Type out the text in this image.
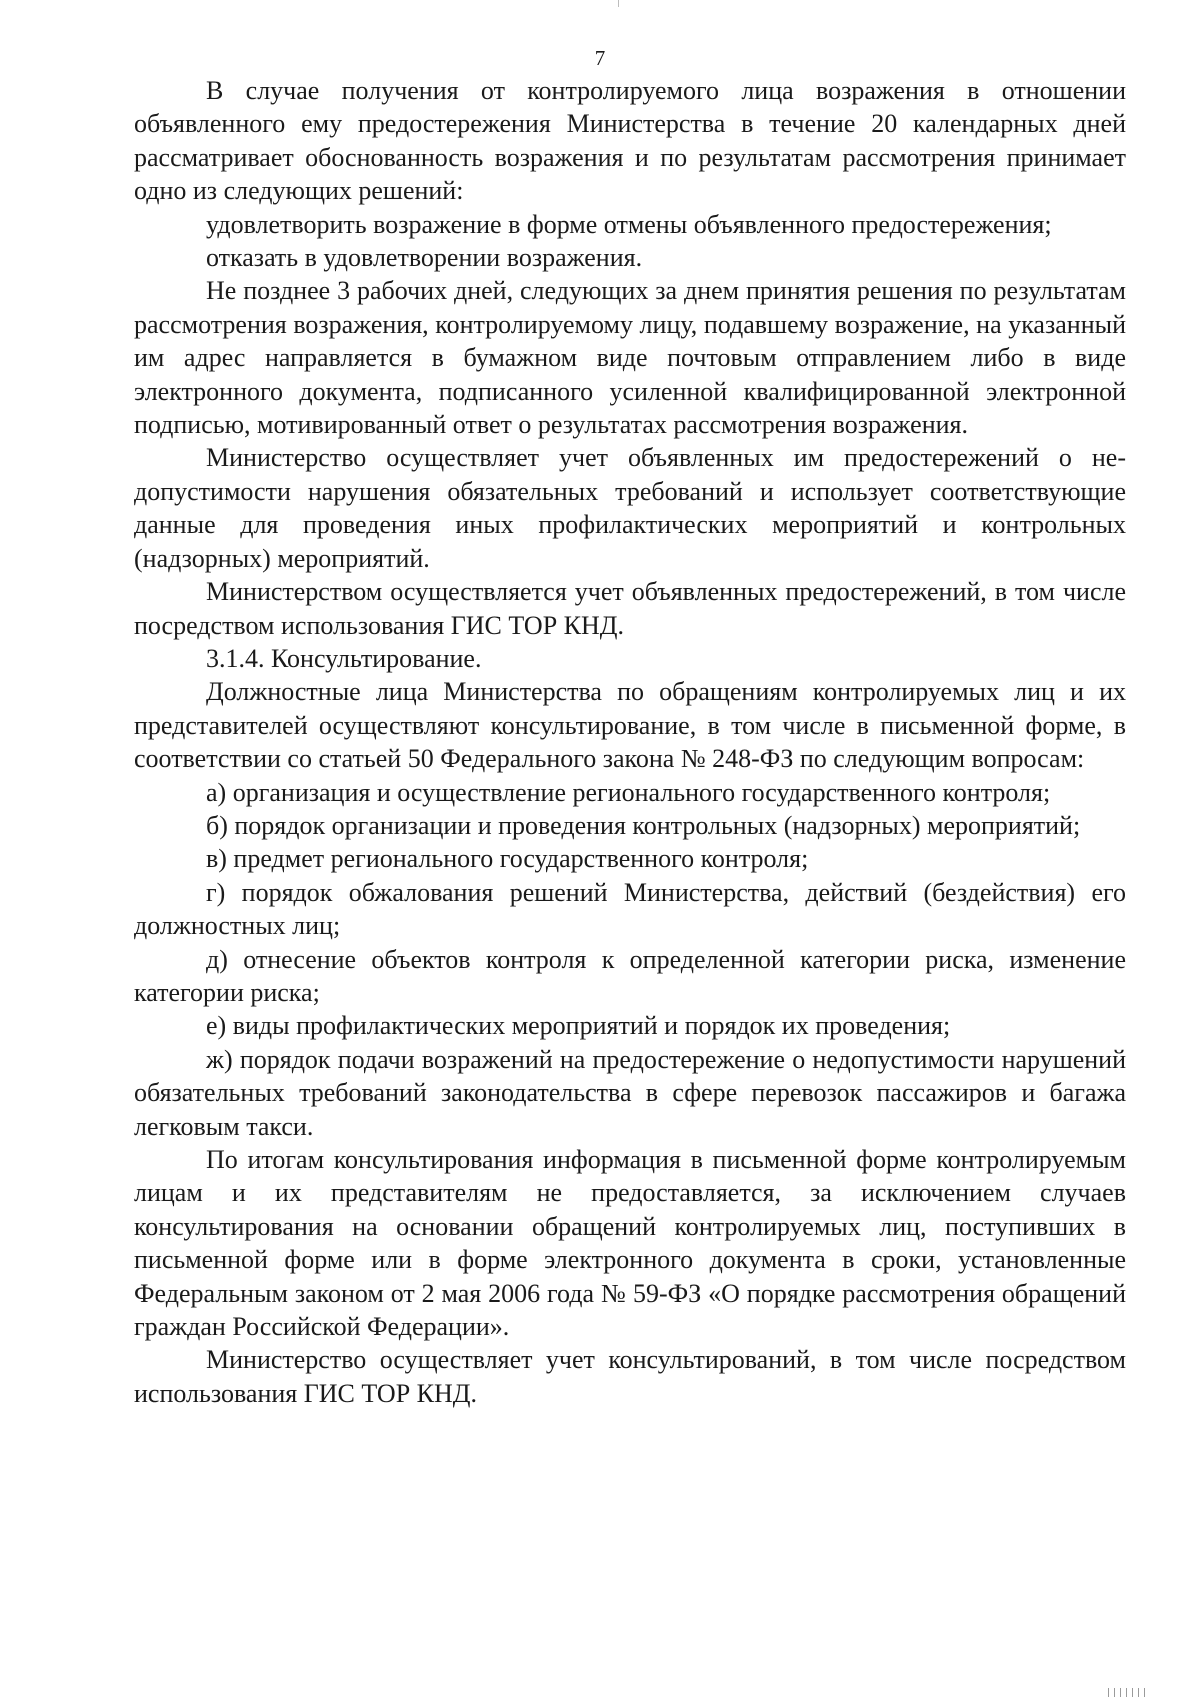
7

В случае получения от контролируемого лица возражения в отношении объявленного ему предостережения Министерства в течение 20 календарных дней рассматривает обоснованность возражения и по результатам рассмотрения принимает одно из следующих решений:

удовлетворить возражение в форме отмены объявленного предостережения;

отказать в удовлетворении возражения.

Не позднее 3 рабочих дней, следующих за днем принятия решения по результатам рассмотрения возражения, контролируемому лицу, подавшему возражение, на указанный им адрес направляется в бумажном виде почтовым отправлением либо в виде электронного документа, подписанного усиленной квалифицированной электронной подписью, мотивированный ответ о результатах рассмотрения возражения.

Министерство осуществляет учет объявленных им предостережений о недопустимости нарушения обязательных требований и использует соответствующие данные для проведения иных профилактических мероприятий и контрольных (надзорных) мероприятий.

Министерством осуществляется учет объявленных предостережений, в том числе посредством использования ГИС ТОР КНД.

3.1.4. Консультирование.

Должностные лица Министерства по обращениям контролируемых лиц и их представителей осуществляют консультирование, в том числе в письменной форме, в соответствии со статьей 50 Федерального закона № 248-ФЗ по следующим вопросам:

а) организация и осуществление регионального государственного контроля;

б) порядок организации и проведения контрольных (надзорных) мероприятий;

в) предмет регионального государственного контроля;

г) порядок обжалования решений Министерства, действий (бездействия) его должностных лиц;

д) отнесение объектов контроля к определенной категории риска, изменение категории риска;

е) виды профилактических мероприятий и порядок их проведения;

ж) порядок подачи возражений на предостережение о недопустимости нарушений обязательных требований законодательства в сфере перевозок пассажиров и багажа легковым такси.

По итогам консультирования информация в письменной форме контролируемым лицам и их представителям не предоставляется, за исключением случаев консультирования на основании обращений контролируемых лиц, поступивших в письменной форме или в форме электронного документа в сроки, установленные Федеральным законом от 2 мая 2006 года № 59-ФЗ «О порядке рассмотрения обращений граждан Российской Федерации».

Министерство осуществляет учет консультирований, в том числе посредством использования ГИС ТОР КНД.
